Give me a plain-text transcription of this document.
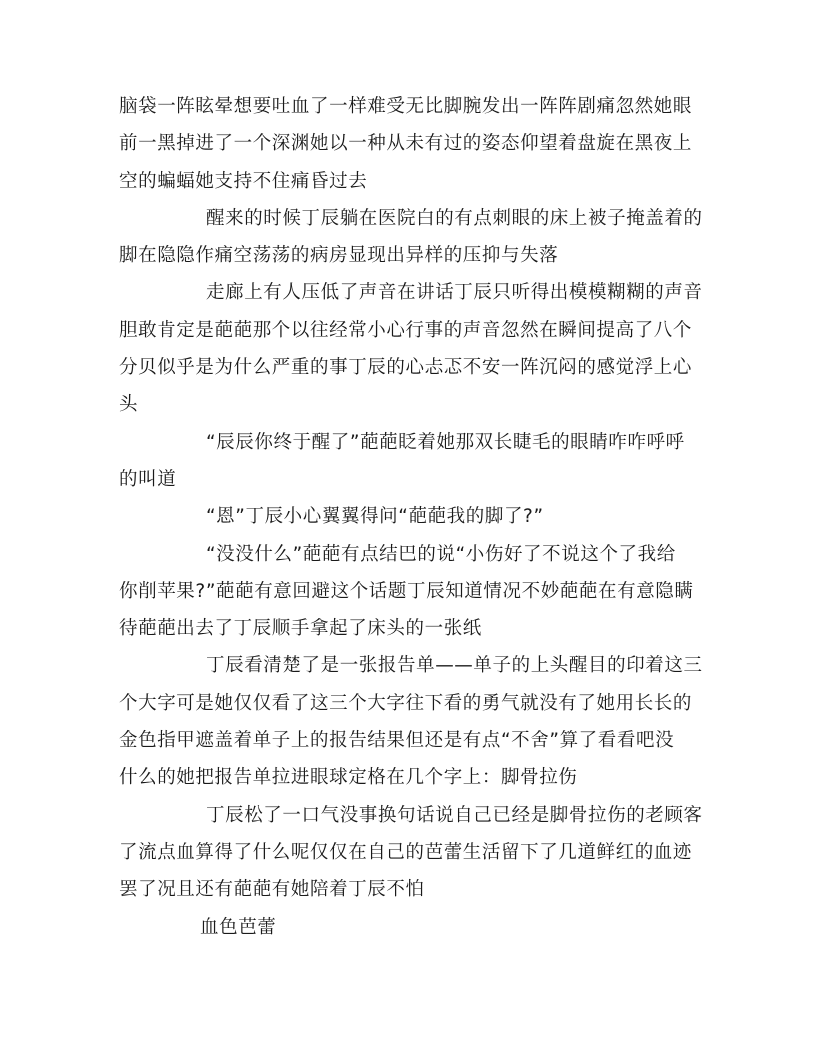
脑袋一阵眩晕想要吐血了一样难受无比脚腕发出一阵阵剧痛忽然她眼
前一黑掉进了一个深渊她以一种从未有过的姿态仰望着盘旋在黑夜上
空的蝙蝠她支持不住痛昏过去
醒来的时候丁辰躺在医院白的有点刺眼的床上被子掩盖着的
脚在隐隐作痛空荡荡的病房显现出异样的压抑与失落
走廊上有人压低了声音在讲话丁辰只听得出模模糊糊的声音
胆敢肯定是葩葩那个以往经常小心行事的声音忽然在瞬间提高了八个
分贝似乎是为什么严重的事丁辰的心忐忑不安一阵沉闷的感觉浮上心
头
“辰辰你终于醒了”葩葩眨着她那双长睫毛的眼睛咋咋呼呼
的叫道
“恩”丁辰小心翼翼得问“葩葩我的脚了?”
“没没什么”葩葩有点结巴的说“小伤好了不说这个了我给
你削苹果?”葩葩有意回避这个话题丁辰知道情况不妙葩葩在有意隐瞒
待葩葩出去了丁辰顺手拿起了床头的一张纸
丁辰看清楚了是一张报告单——单子的上头醒目的印着这三
个大字可是她仅仅看了这三个大字往下看的勇气就没有了她用长长的
金色指甲遮盖着单子上的报告结果但还是有点“不舍”算了看看吧没
什么的她把报告单拉进眼球定格在几个字上：脚骨拉伤
丁辰松了一口气没事换句话说自己已经是脚骨拉伤的老顾客
了流点血算得了什么呢仅仅在自己的芭蕾生活留下了几道鲜红的血迹
罢了况且还有葩葩有她陪着丁辰不怕
血色芭蕾
